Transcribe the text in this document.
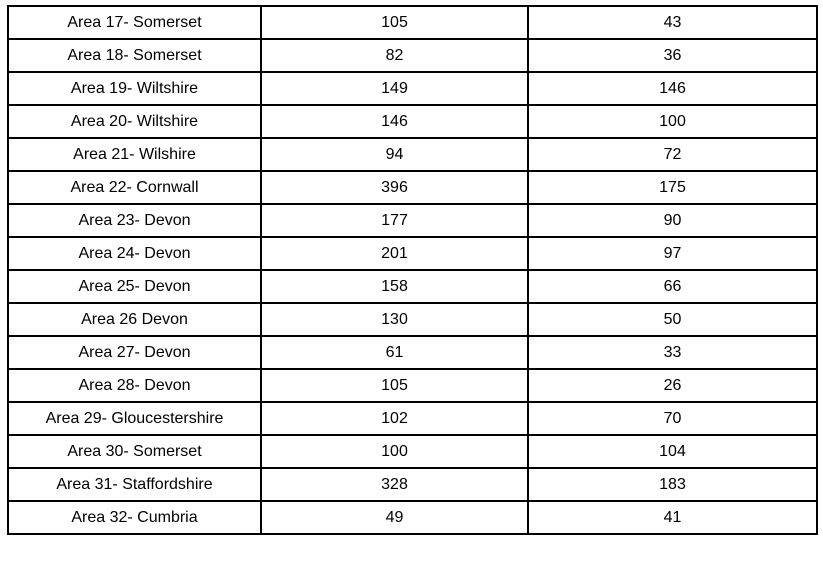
Area 17- Somerset	105	43
Area 18- Somerset	82	36
Area 19- Wiltshire	149	146
Area 20- Wiltshire	146	100
Area 21- Wilshire	94	72
Area 22- Cornwall	396	175
Area 23- Devon	177	90
Area 24- Devon	201	97
Area 25- Devon	158	66
Area 26 Devon	130	50
Area 27- Devon	61	33
Area 28- Devon	105	26
Area 29- Gloucestershire	102	70
Area 30- Somerset	100	104
Area 31- Staffordshire	328	183
Area 32- Cumbria	49	41
